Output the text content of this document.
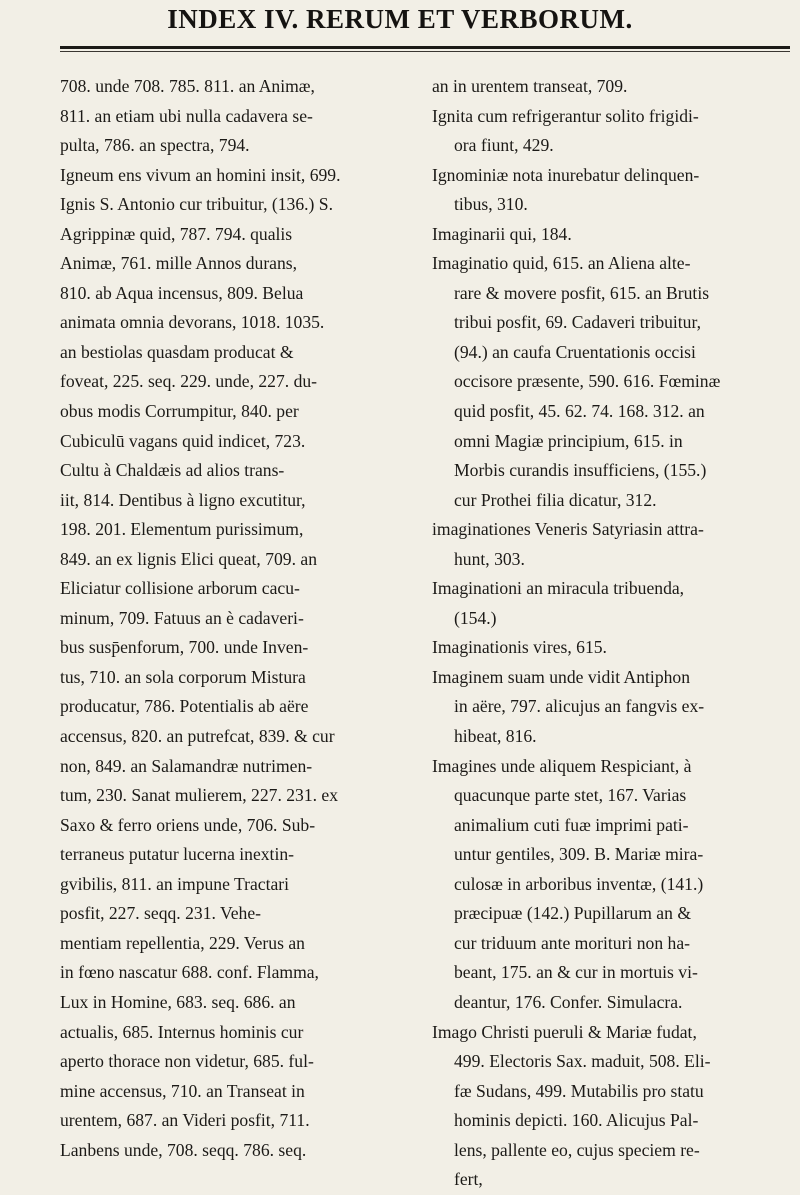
INDEX IV. RERUM ET VERBORUM.
708. unde 708. 785. 811. an Animæ,
811. an etiam ubi nulla cadavera se-
pulta, 786. an spectra, 794.
Igneum ens vivum an homini insit, 699.
Ignis S. Antonio cur tribuitur, (136.) S.
Agrippinæ quid, 787. 794. qualis
Animæ, 761. mille Annos durans,
810. ab Aqua incensus, 809. Belua
animata omnia devorans, 1018. 1035.
an bestiolas quasdam producat &
foveat, 225. seq. 229. unde, 227. du-
obus modis Corrumpitur, 840. per
Cubiculū vagans quid indicet, 723.
Cultu à Chaldæis ad alios trans-
iit, 814. Dentibus à ligno excutitur,
198. 201. Elementum purissimum,
849. an ex lignis Elici queat, 709. an
Eliciatur collisione arborum cacu-
minum, 709. Fatuus an è cadaveri-
bus susp̄enforum, 700. unde Inven-
tus, 710. an sola corporum Mistura
producatur, 786. Potentialis ab aëre
accensus, 820. an putrefcat, 839. & cur
non, 849. an Salamandræ nutrimen-
tum, 230. Sanat mulierem, 227. 231. ex
Saxo & ferro oriens unde, 706. Sub-
terraneus putatur lucerna inextin-
gvibilis, 811. an impune Tractari
posfit, 227. seqq. 231. Vehe-
mentiam repellentia, 229. Verus an
in fœno nascatur 688. conf. Flamma,
Lux in Homine, 683. seq. 686. an
actualis, 685. Internus hominis cur
aperto thorace non videtur, 685. ful-
mine accensus, 710. an Transeat in
urentem, 687. an Videri posfit, 711.
Lanbens unde, 708. seqq. 786. seq.
an in urentem transeat, 709.
Ignita cum refrigerantur solito frigidi-
ora fiunt, 429.
Ignominiæ nota inurebatur delinquen-
tibus, 310.
Imaginarii qui, 184.
Imaginatio quid, 615. an Aliena alte-
rare & movere posfit, 615. an Brutis
tribui posfit, 69. Cadaveri tribuitur,
(94.) an caufa Cruentationis occisi
occisore præsente, 590. 616. Fœminæ
quid posfit, 45. 62. 74. 168. 312. an
omni Magiæ principium, 615. in
Morbis curandis insufficiens, (155.)
cur Prothei filia dicatur, 312.
imaginationes Veneris Satyriasin attra-
hunt, 303.
Imaginationi an miracula tribuenda,
(154.)
Imaginationis vires, 615.
Imaginem suam unde vidit Antiphon
in aëre, 797. alicujus an fangvis ex-
hibeat, 816.
Imagines unde aliquem Respiciant, à
quacunque parte stet, 167. Varias
animalium cuti fuæ imprimi pati-
untur gentiles, 309. B. Mariæ mira-
culosæ in arboribus inventæ, (141.)
præcipuæ (142.) Pupillarum an &
cur triduum ante morituri non ha-
beant, 175. an & cur in mortuis vi-
deantur, 176. Confer. Simulacra.
Imago Christi pueruli & Mariæ fudat,
499. Electoris Sax. maduit, 508. Eli-
fæ Sudans, 499. Mutabilis pro statu
hominis depicti. 160. Alicujus Pal-
lens, pallente eo, cujus speciem re-
fert,
